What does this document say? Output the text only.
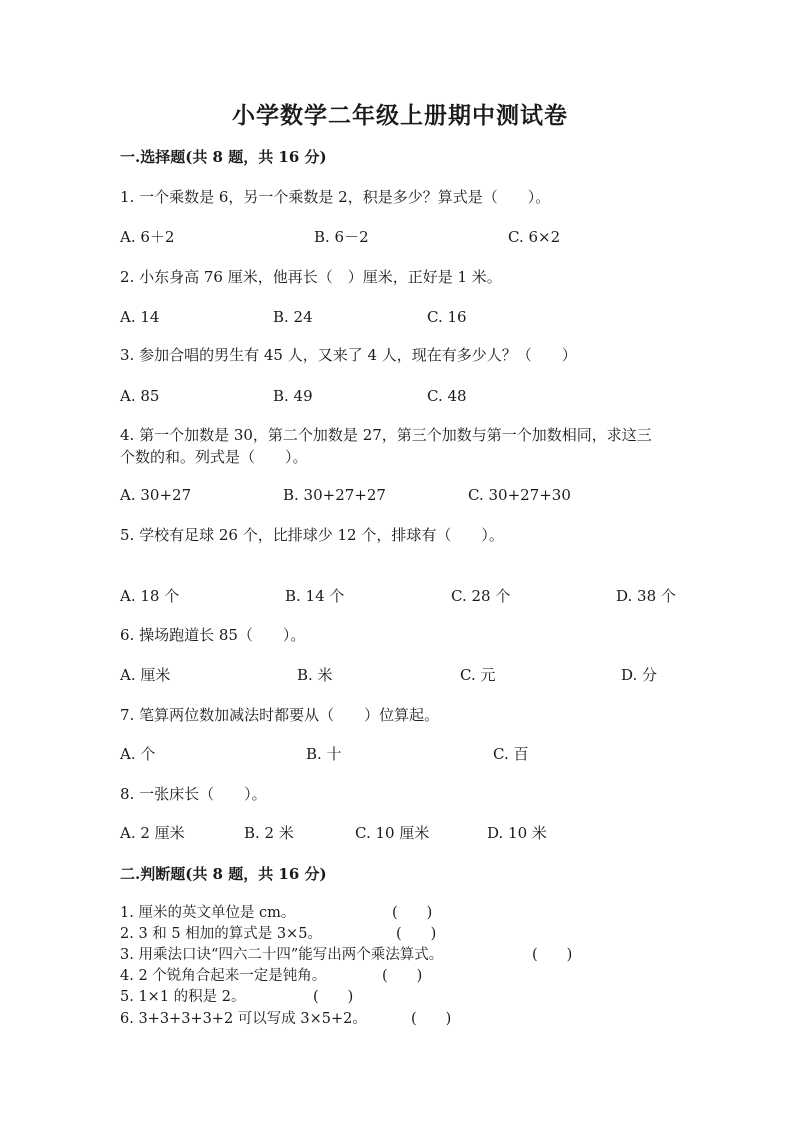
小学数学二年级上册期中测试卷
一.选择题(共 8 题，共 16 分)
1. 一个乘数是 6，另一个乘数是 2，积是多少？算式是（　　）。
A. 6＋2	B. 6－2	C. 6×2
2. 小东身高 76 厘米，他再长（　）厘米，正好是 1 米。
A. 14	B. 24	C. 16
3. 参加合唱的男生有 45 人，又来了 4 人，现在有多少人？（　　）
A. 85	B. 49	C. 48
4. 第一个加数是 30，第二个加数是 27，第三个加数与第一个加数相同，求这三
个数的和。列式是（　　）。
A. 30+27	B. 30+27+27	C. 30+27+30
5. 学校有足球 26 个，比排球少 12 个，排球有（　　）。
A. 18 个	B. 14 个	C. 28 个	D. 38 个
6. 操场跑道长 85（　　）。
A. 厘米	B. 米	C. 元	D. 分
7. 笔算两位数加减法时都要从（　　）位算起。
A. 个	B. 十	C. 百
8. 一张床长（　　）。
A. 2 厘米	B. 2 米	C. 10 厘米	D. 10 米
二.判断题(共 8 题，共 16 分)
1. 厘米的英文单位是 cm。	(　　)
2. 3 和 5 相加的算式是 3×5。	(　　)
3. 用乘法口诀“四六二十四”能写出两个乘法算式。	(　　)
4. 2 个锐角合起来一定是钝角。	(　　)
5. 1×1 的积是 2。	(　　)
6. 3+3+3+3+2 可以写成 3×5+2。	(　　)
